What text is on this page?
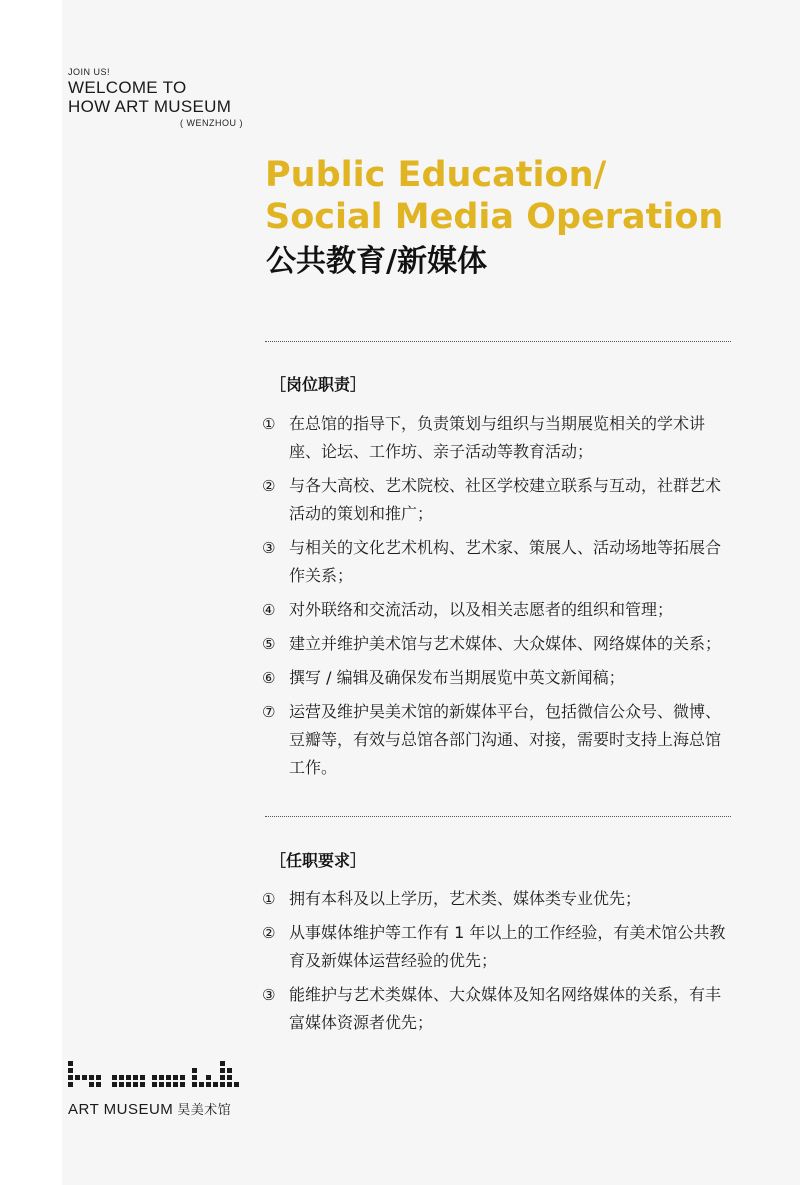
JOIN US!
WELCOME TO
HOW ART MUSEUM
( WENZHOU )
Public Education/
Social Media Operation
公共教育/新媒体
［岗位职责］
① 在总馆的指导下，负责策划与组织与当期展览相关的学术讲座、论坛、工作坊、亲子活动等教育活动；
② 与各大高校、艺术院校、社区学校建立联系与互动，社群艺术活动的策划和推广；
③ 与相关的文化艺术机构、艺术家、策展人、活动场地等拓展合作关系；
④ 对外联络和交流活动，以及相关志愿者的组织和管理；
⑤ 建立并维护美术馆与艺术媒体、大众媒体、网络媒体的关系；
⑥ 撰写 / 编辑及确保发布当期展览中英文新闻稿；
⑦ 运营及维护昊美术馆的新媒体平台，包括微信公众号、微博、豆瓣等，有效与总馆各部门沟通、对接，需要时支持上海总馆工作。
［任职要求］
① 拥有本科及以上学历，艺术类、媒体类专业优先；
② 从事媒体维护等工作有 1 年以上的工作经验，有美术馆公共教育及新媒体运营经验的优先；
③ 能维护与艺术类媒体、大众媒体及知名网络媒体的关系，有丰富媒体资源者优先；
ART MUSEUM 昊美术馆
